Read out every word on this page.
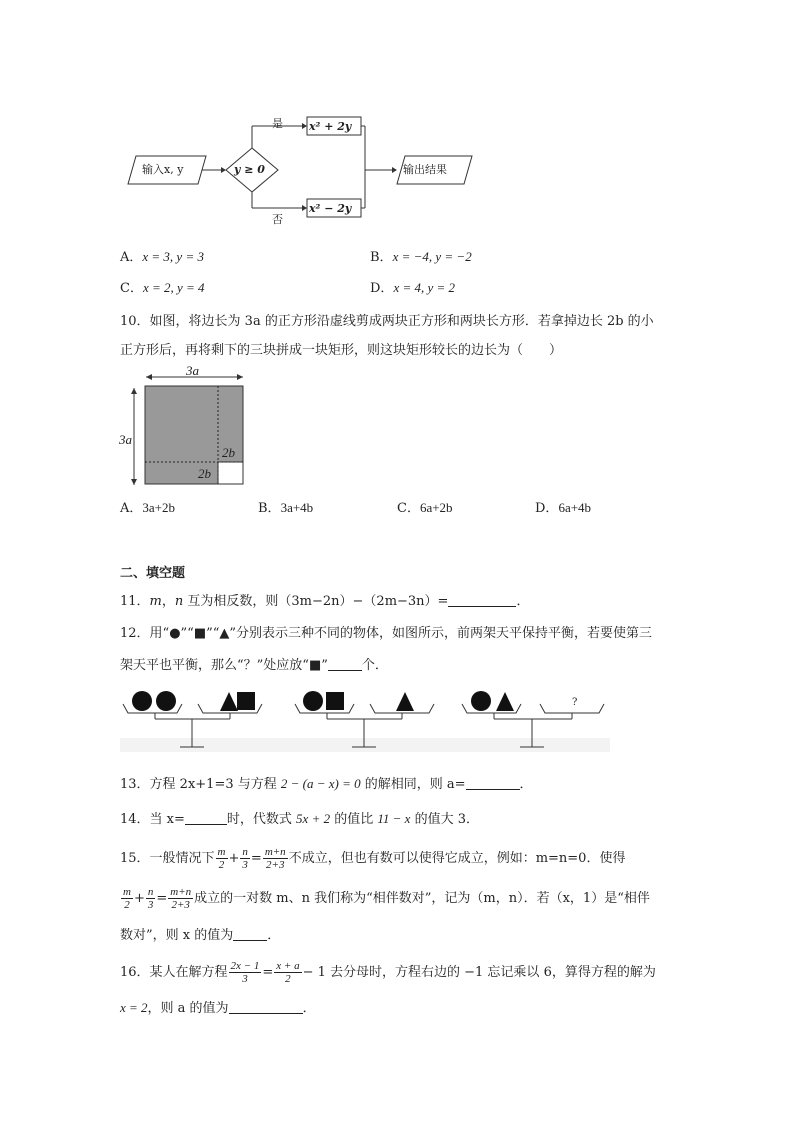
输入x, y	y ≥ 0
是
否
x² + 2y
x² − 2y
输出结果
A．x = 3, y = 3	B．x = −4, y = −2
C．x = 2, y = 4	D．x = 4, y = 2
10．如图，将边长为 3a 的正方形沿虚线剪成两块正方形和两块长方形．若拿掉边长 2b 的小
正方形后，再将剩下的三块拼成一块矩形，则这块矩形较长的边长为（　　）
3a
3a
2b
2b
A．3a+2b	B．3a+4b	C．6a+2b	D．6a+4b
二、填空题
11．m，n 互为相反数，则（3m−2n）−（2m−3n）=	．
12．用“●”“■”“▲”分别表示三种不同的物体，如图所示，前两架天平保持平衡，若要使第三
架天平也平衡，那么“？”处应放“■”	个．
?
13．方程 2x+1=3 与方程 2 − (a − x) = 0 的解相同，则 a=	．
14．当 x=	时，代数式 5x + 2 的值比 11 − x 的值大 3．
15．一般情况下 $\frac{m}{2} + \frac{n}{3} = \frac{m+n}{2+3}$ 不成立，但也有数可以使得它成立，例如：m=n=0．使得
$\frac{m}{2} + \frac{n}{3} = \frac{m+n}{2+3}$ 成立的一对数 m、n 我们称为“相伴数对”，记为（m，n）．若（x，1）是“相伴
数对”，则 x 的值为	．
16．某人在解方程 $\frac{2x - 1}{3} = \frac{x + a}{2} - 1$ 去分母时，方程右边的 −1 忘记乘以 6，算得方程的解为
x = 2，则 a 的值为	．
